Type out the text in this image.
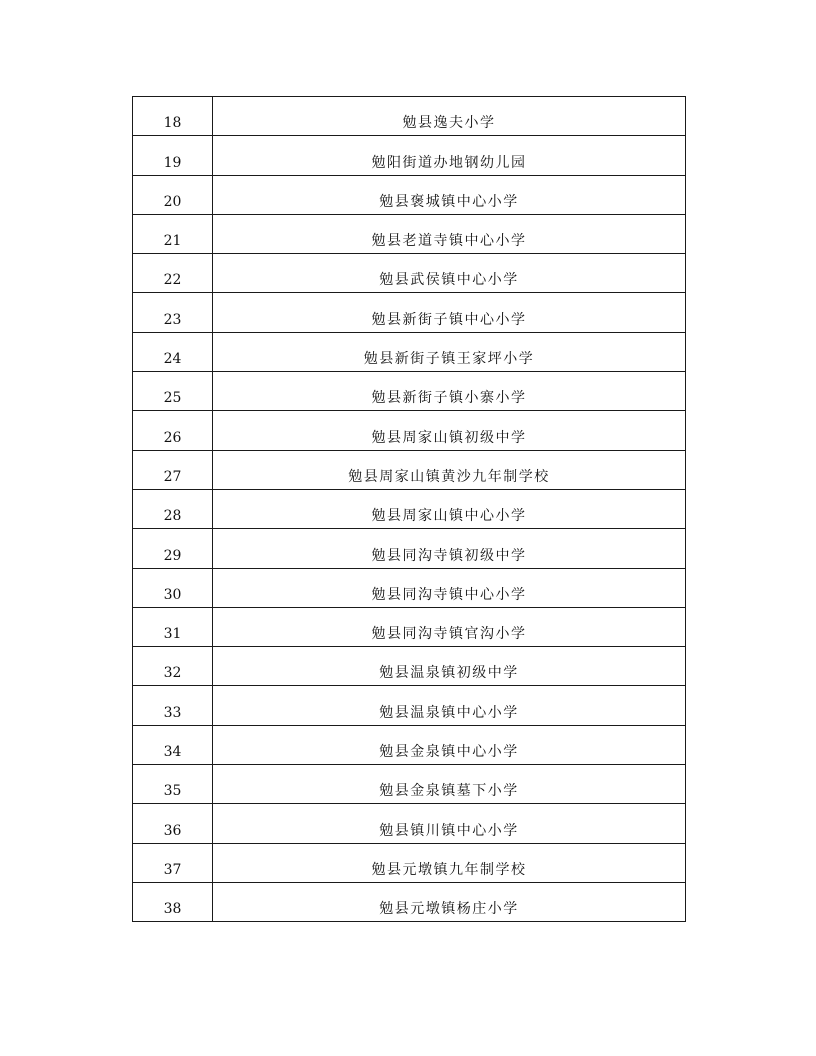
18	勉县逸夫小学
19	勉阳街道办地钢幼儿园
20	勉县褒城镇中心小学
21	勉县老道寺镇中心小学
22	勉县武侯镇中心小学
23	勉县新街子镇中心小学
24	勉县新街子镇王家坪小学
25	勉县新街子镇小寨小学
26	勉县周家山镇初级中学
27	勉县周家山镇黄沙九年制学校
28	勉县周家山镇中心小学
29	勉县同沟寺镇初级中学
30	勉县同沟寺镇中心小学
31	勉县同沟寺镇官沟小学
32	勉县温泉镇初级中学
33	勉县温泉镇中心小学
34	勉县金泉镇中心小学
35	勉县金泉镇墓下小学
36	勉县镇川镇中心小学
37	勉县元墩镇九年制学校
38	勉县元墩镇杨庄小学
